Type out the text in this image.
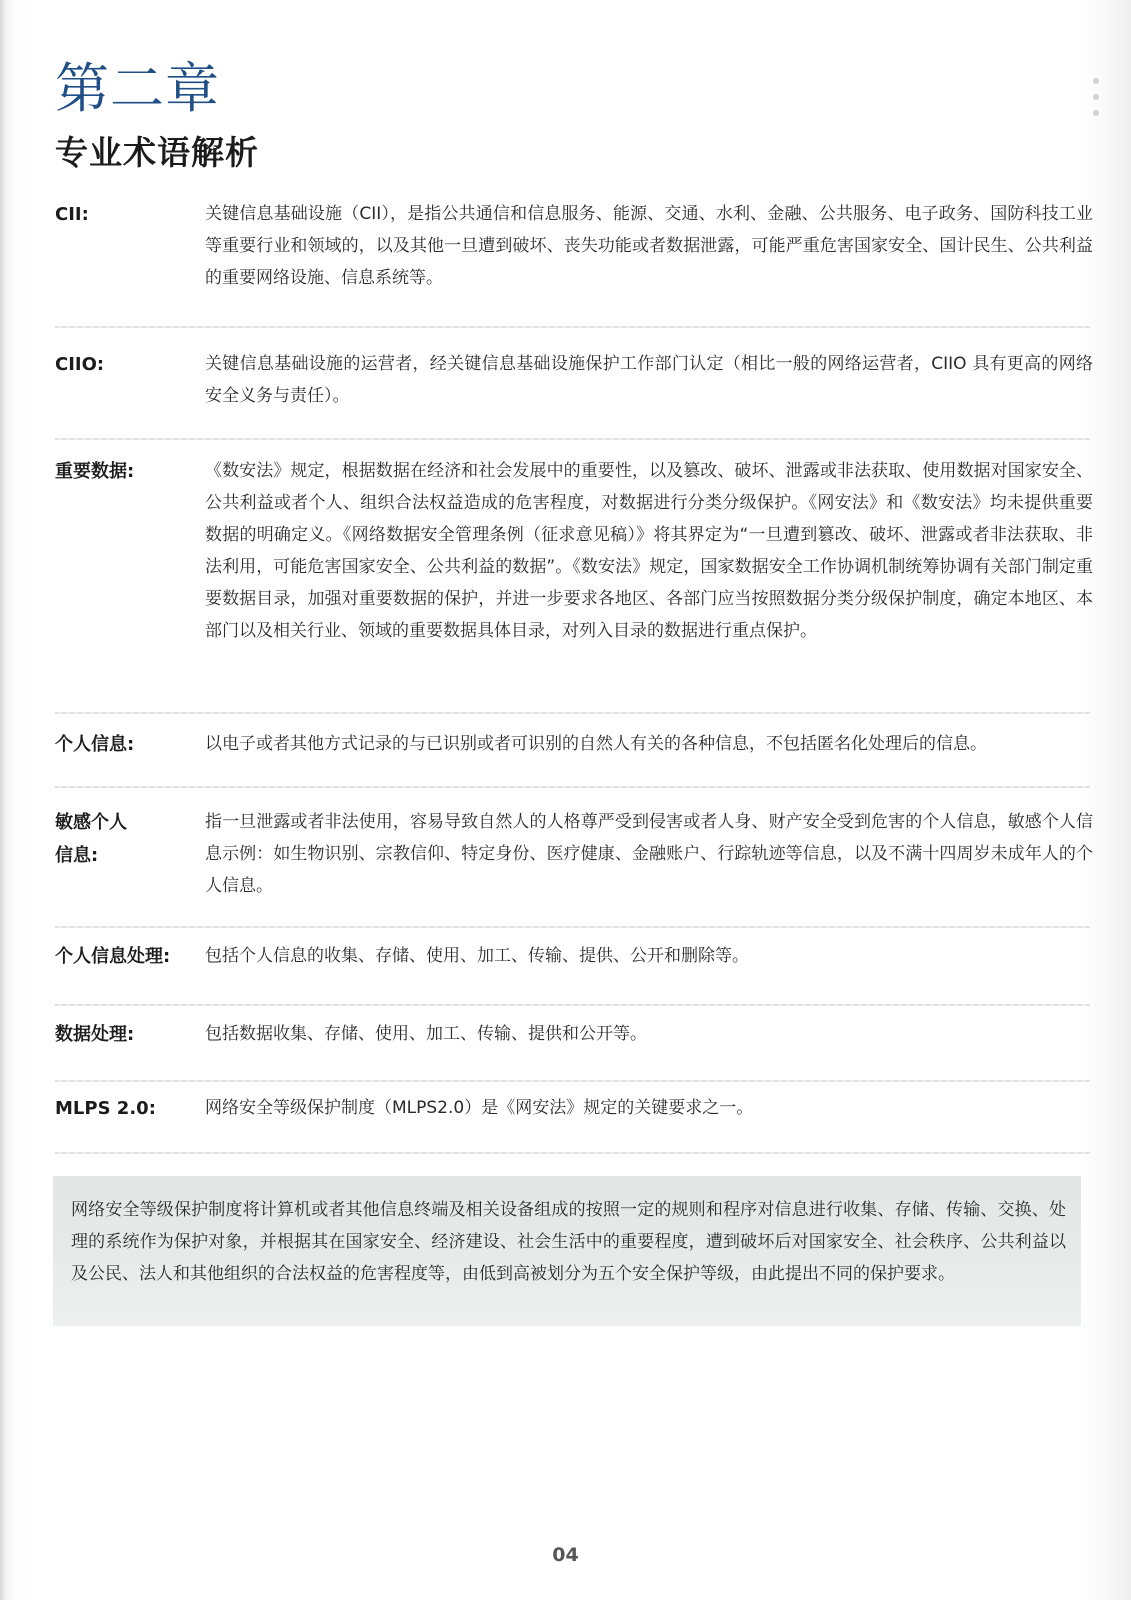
第二章
专业术语解析
CII:	关键信息基础设施（CII），是指公共通信和信息服务、能源、交通、水利、金融、公共服务、电子政务、国防科技工业等重要行业和领域的，以及其他一旦遭到破坏、丧失功能或者数据泄露，可能严重危害国家安全、国计民生、公共利益的重要网络设施、信息系统等。
CIIO:	关键信息基础设施的运营者，经关键信息基础设施保护工作部门认定（相比一般的网络运营者，CIIO 具有更高的网络安全义务与责任）。
重要数据:	《数安法》规定，根据数据在经济和社会发展中的重要性，以及篡改、破坏、泄露或非法获取、使用数据对国家安全、公共利益或者个人、组织合法权益造成的危害程度，对数据进行分类分级保护。《网安法》和《数安法》均未提供重要数据的明确定义。《网络数据安全管理条例（征求意见稿）》将其界定为“一旦遭到篡改、破坏、泄露或者非法获取、非法利用，可能危害国家安全、公共利益的数据”。《数安法》规定，国家数据安全工作协调机制统筹协调有关部门制定重要数据目录，加强对重要数据的保护，并进一步要求各地区、各部门应当按照数据分类分级保护制度，确定本地区、本部门以及相关行业、领域的重要数据具体目录，对列入目录的数据进行重点保护。
个人信息:	以电子或者其他方式记录的与已识别或者可识别的自然人有关的各种信息，不包括匿名化处理后的信息。
敏感个人
信息:
指一旦泄露或者非法使用，容易导致自然人的人格尊严受到侵害或者人身、财产安全受到危害的个人信息，敏感个人信息示例：如生物识别、宗教信仰、特定身份、医疗健康、金融账户、行踪轨迹等信息，以及不满十四周岁未成年人的个人信息。
个人信息处理:	包括个人信息的收集、存储、使用、加工、传输、提供、公开和删除等。
数据处理:	包括数据收集、存储、使用、加工、传输、提供和公开等。
MLPS 2.0:	网络安全等级保护制度（MLPS2.0）是《网安法》规定的关键要求之一。
网络安全等级保护制度将计算机或者其他信息终端及相关设备组成的按照一定的规则和程序对信息进行收集、存储、传输、交换、处理的系统作为保护对象，并根据其在国家安全、经济建设、社会生活中的重要程度，遭到破坏后对国家安全、社会秩序、公共利益以及公民、法人和其他组织的合法权益的危害程度等，由低到高被划分为五个安全保护等级，由此提出不同的保护要求。
04
